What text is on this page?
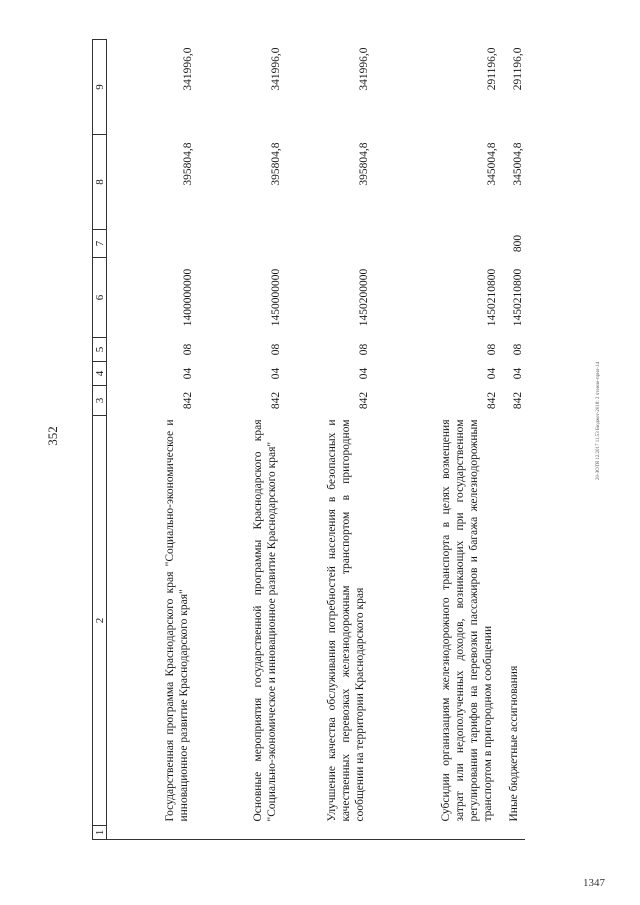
352	20-ЗОТЯ 12.2017 11.53 Бюджет-2018: 2 чтение-прил-14
1347
1	2	3	4	5	6	7	8	9
	Государственная программа Краснодарского края "Социально-экономическое и инновационное развитие Краснодарского края"	842	04	08	1400000000		395804,8	341996,0
	Основные мероприятия государственной программы Краснодарского края "Социально-экономическое и инновационное развитие Краснодарского края"	842	04	08	1450000000		395804,8	341996,0
	Улучшение качества обслуживания потребностей населения в безопасных и качественных перевозках железнодорожным транспортом в пригородном сообщении на территории Краснодарского края	842	04	08	1450200000		395804,8	341996,0
	Субсидии организациям железнодорожного транспорта в целях возмещения затрат или недополученных доходов, возникающих при государственном регулировании тарифов на перевозки пассажиров и багажа железнодорожным транспортом в пригородном сообщении	842	04	08	1450210800		345004,8	291196,0
	Иные бюджетные ассигнования	842	04	08	1450210800	800	345004,8	291196,0
